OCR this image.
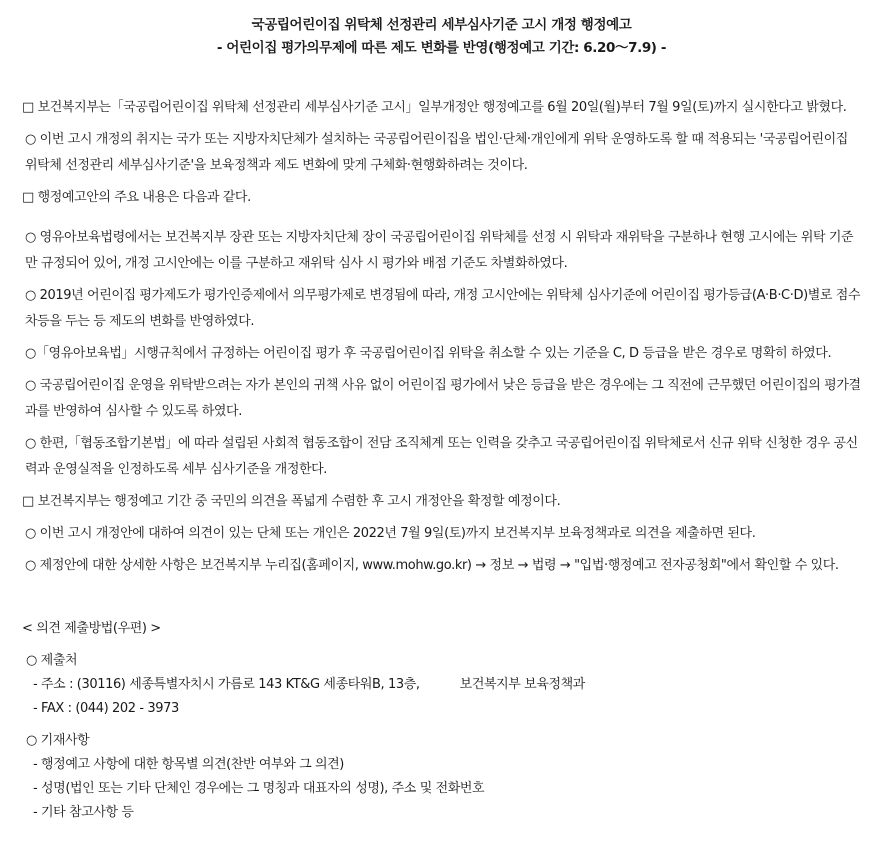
국공립어린이집 위탁체 선정관리 세부심사기준 고시 개정 행정예고
- 어린이집 평가의무제에 따른 제도 변화를 반영(행정예고 기간: 6.20～7.9) -

□ 보건복지부는「국공립어린이집 위탁체 선정관리 세부심사기준 고시」일부개정안 행정예고를 6월 20일(월)부터 7월 9일(토)까지 실시한다고 밝혔다.

○ 이번 고시 개정의 취지는 국가 또는 지방자치단체가 설치하는 국공립어린이집을 법인·단체·개인에게 위탁 운영하도록 할 때 적용되는 '국공립어린이집 위탁체 선정관리 세부심사기준'을 보육정책과 제도 변화에 맞게 구체화·현행화하려는 것이다.

□ 행정예고안의 주요 내용은 다음과 같다.

○ 영유아보육법령에서는 보건복지부 장관 또는 지방자치단체 장이 국공립어린이집 위탁체를 선정 시 위탁과 재위탁을 구분하나 현행 고시에는 위탁 기준만 규정되어 있어, 개정 고시안에는 이를 구분하고 재위탁 심사 시 평가와 배점 기준도 차별화하였다.

○ 2019년 어린이집 평가제도가 평가인증제에서 의무평가제로 변경됨에 따라, 개정 고시안에는 위탁체 심사기준에 어린이집 평가등급(A·B·C·D)별로 점수 차등을 두는 등 제도의 변화를 반영하였다.

○「영유아보육법」시행규칙에서 규정하는 어린이집 평가 후 국공립어린이집 위탁을 취소할 수 있는 기준을 C, D 등급을 받은 경우로 명확히 하였다.

○ 국공립어린이집 운영을 위탁받으려는 자가 본인의 귀책 사유 없이 어린이집 평가에서 낮은 등급을 받은 경우에는 그 직전에 근무했던 어린이집의 평가결과를 반영하여 심사할 수 있도록 하였다.

○ 한편,「협동조합기본법」에 따라 설립된 사회적 협동조합이 전담 조직체계 또는 인력을 갖추고 국공립어린이집 위탁체로서 신규 위탁 신청한 경우 공신력과 운영실적을 인정하도록 세부 심사기준을 개정한다.

□ 보건복지부는 행정예고 기간 중 국민의 의견을 폭넓게 수렴한 후 고시 개정안을 확정할 예정이다.

○ 이번 고시 개정안에 대하여 의견이 있는 단체 또는 개인은 2022년 7월 9일(토)까지 보건복지부 보육정책과로 의견을 제출하면 된다.

○ 제정안에 대한 상세한 사항은 보건복지부 누리집(홈페이지, www.mohw.go.kr) → 정보 → 법령 → "입법·행정예고 전자공청회"에서 확인할 수 있다.

< 의견 제출방법(우편) >
○ 제출처
- 주소 : (30116) 세종특별자치시 가름로 143 KT&G 세종타워B, 13층,	보건복지부 보육정책과
- FAX : (044) 202 - 3973
○ 기재사항
- 행정예고 사항에 대한 항목별 의견(찬반 여부와 그 의견)
- 성명(법인 또는 기타 단체인 경우에는 그 명칭과 대표자의 성명), 주소 및 전화번호
- 기타 참고사항 등
